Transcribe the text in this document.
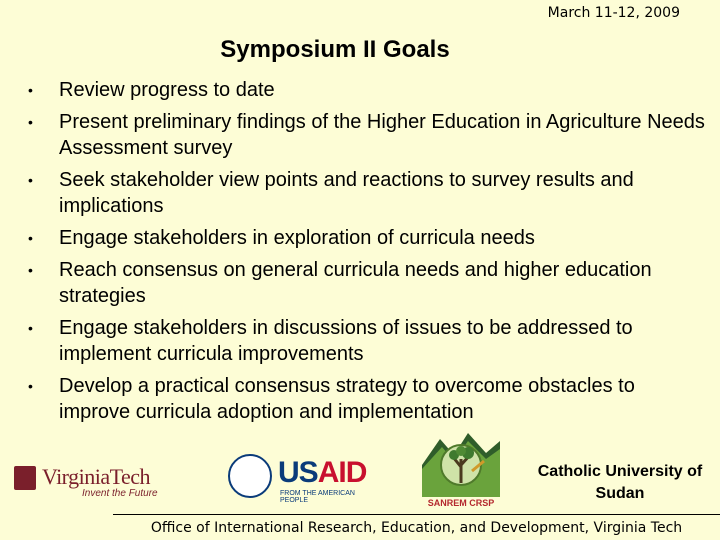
March 11-12, 2009
Symposium II Goals
• Review progress to date
• Present preliminary findings of the Higher Education in Agriculture Needs Assessment survey
• Seek stakeholder view points and reactions to survey results and implications
• Engage stakeholders in exploration of curricula needs
• Reach consensus on general curricula needs and higher education strategies
• Engage stakeholders in discussions of issues to be addressed to implement curricula improvements
• Develop a practical consensus strategy to overcome obstacles to improve curricula adoption and implementation
VirginiaTech
Invent the Future
USAID
FROM THE AMERICAN PEOPLE	SANREM CRSP
Catholic University of Sudan
Office of International Research, Education, and Development, Virginia Tech
